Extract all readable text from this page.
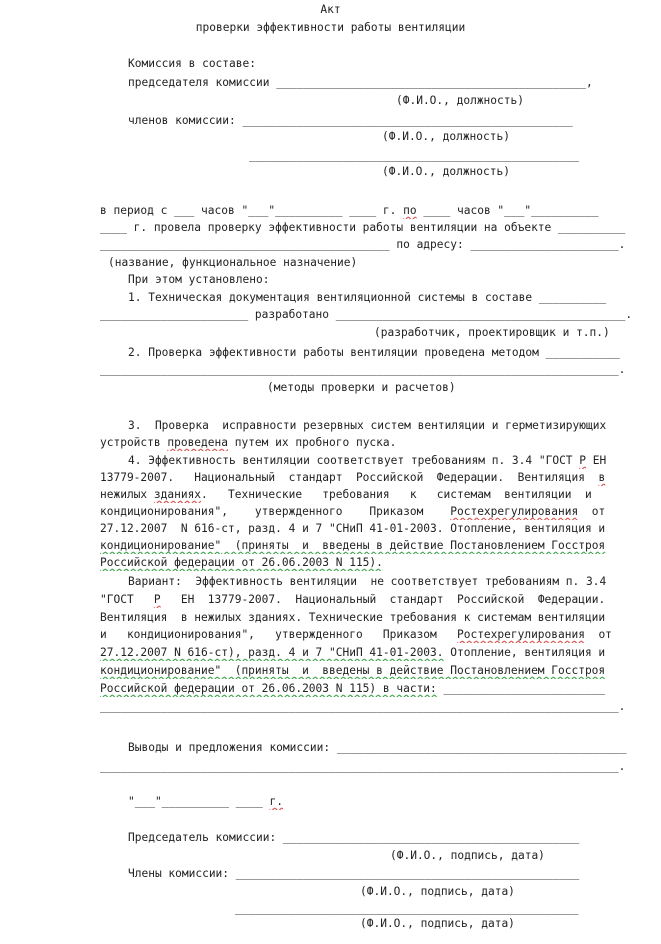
Акт
проверки эффективности работы вентиляции
Комиссия в составе:
председателя комиссии ______________________________________________,
(Ф.И.О., должность)
членов комиссии: _________________________________________________
(Ф.И.О., должность)
_________________________________________________
(Ф.И.О., должность)
в период с ___ часов "___"__________ ____ г. по ____ часов "___"__________
____ г. провела проверку эффективности работы вентиляции на объекте __________
___________________________________________ по адресу: ______________________.
(название, функциональное назначение)
При этом установлено:
1. Техническая документация вентиляционной системы в составе __________
______________________ разработано ___________________________________________.
(разработчик, проектировщик и т.п.)
2. Проверка эффективности работы вентиляции проведена методом ___________
_____________________________________________________________________________.
(методы проверки и расчетов)
3.  Проверка  исправности резервных систем вентиляции и герметизирующих
устройств проведена путем их пробного пуска.
4. Эффективность вентиляции соответствует требованиям п. 3.4 "ГОСТ Р ЕН
13779-2007.   Национальный  стандарт  Российской  Федерации.  Вентиляция  в
нежилых зданиях.   Технические   требования   к   системам  вентиляции  и
кондиционирования",    утвержденного    Приказом    Ростехрегулирования  от
27.12.2007  N 616-ст, разд. 4 и 7 "СНиП 41-01-2003. Отопление, вентиляция и
кондиционирование"  (приняты  и  введены в действие Постановлением Госстроя
Российской федерации от 26.06.2003 N 115).
Вариант:  Эффективность вентиляции  не соответствует требованиям п. 3.4
"ГОСТ   Р   ЕН  13779-2007.  Национальный  стандарт  Российской  Федерации.
Вентиляция  в нежилых зданиях. Технические требования к системам вентиляции
и   кондиционирования",   утвержденного   Приказом   Ростехрегулирования  от
27.12.2007 N 616-ст), разд. 4 и 7 "СНиП 41-01-2003. Отопление, вентиляция и
кондиционирование"  (приняты  и  введены в действие Постановлением Госстроя
Российской федерации от 26.06.2003 N 115) в части: ________________________
_____________________________________________________________________________.
Выводы и предложения комиссии: ___________________________________________
_____________________________________________________________________________.
"___"__________ ____ г.
Председатель комиссии: ____________________________________________
(Ф.И.О., подпись, дата)
Члены комиссии: ___________________________________________________
(Ф.И.О., подпись, дата)
___________________________________________________
(Ф.И.О., подпись, дата)
